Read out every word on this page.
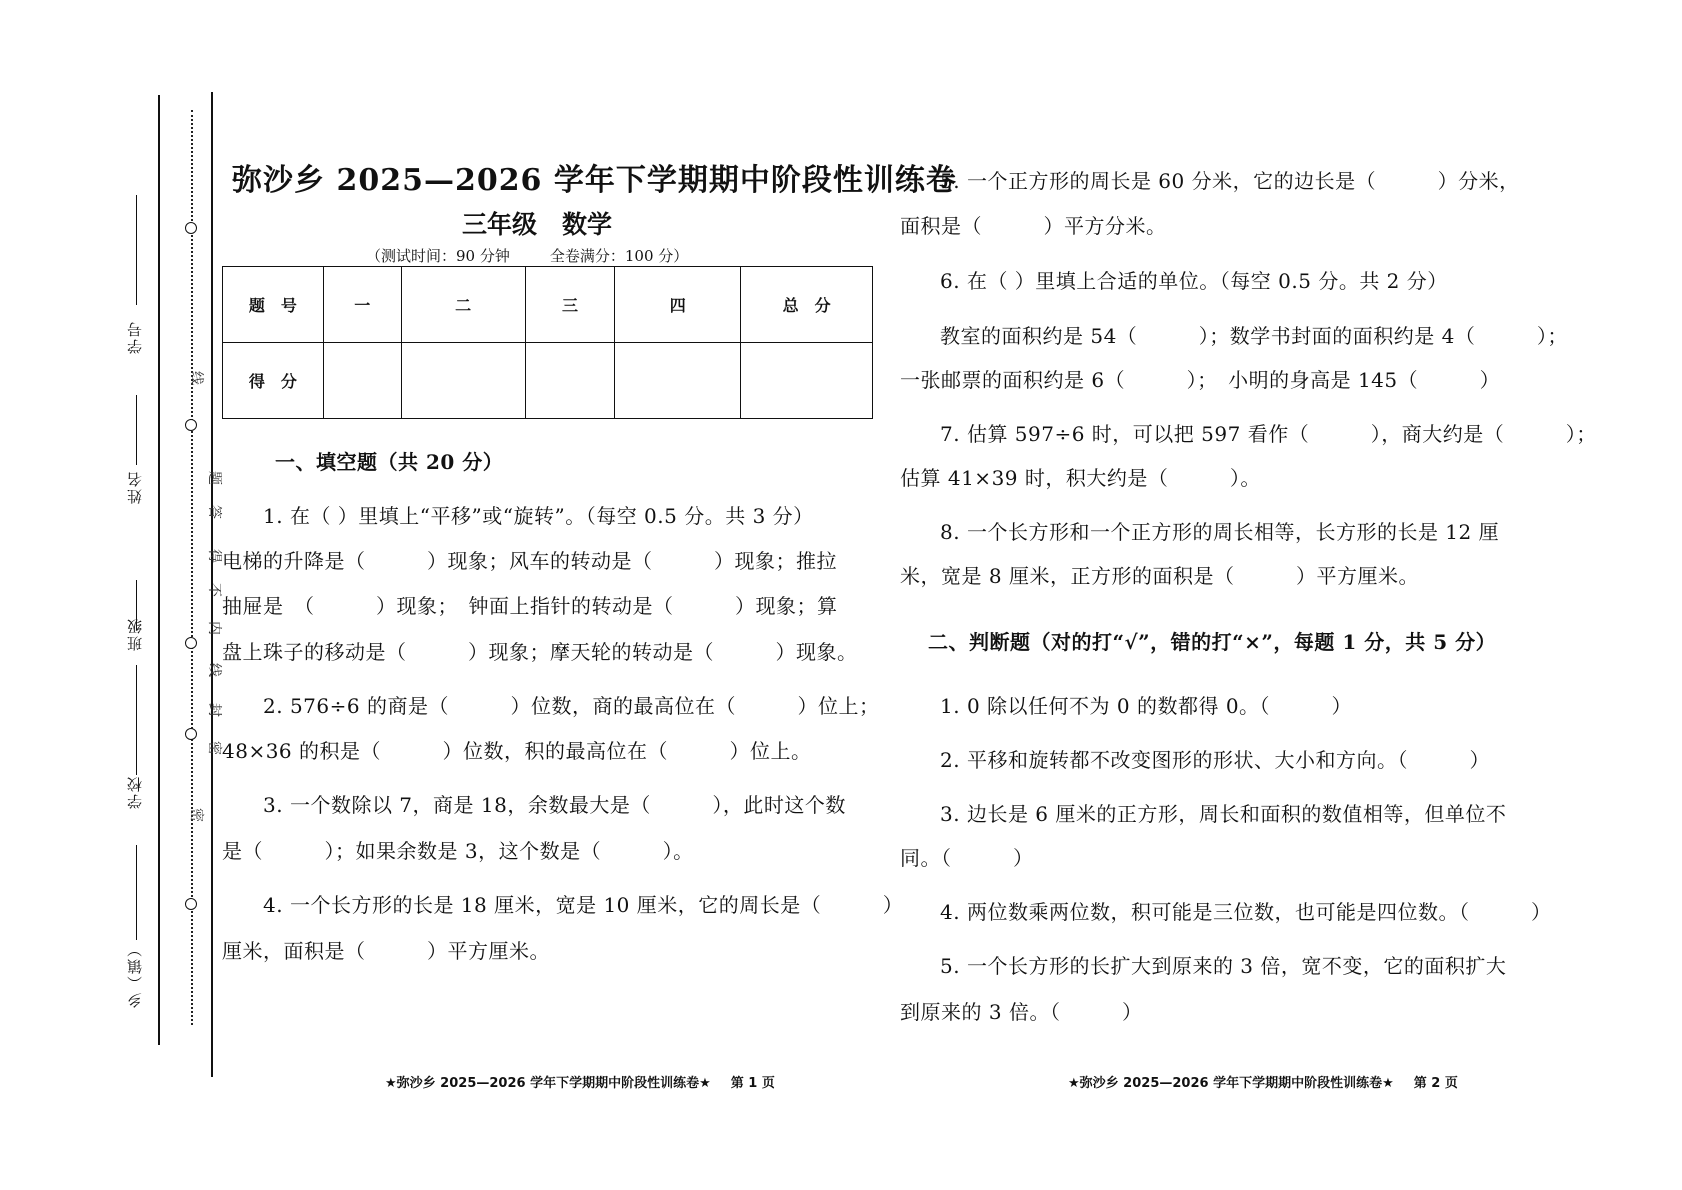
学号
姓名
班级
学校
乡（镇）
线
题
答
得
不
内
线
封
密
密
弥沙乡 2025—2026 学年下学期期中阶段性训练卷
三年级　数学
（测试时间：90 分钟	全卷满分：100 分）
题　号	一	二	三	四	总　分
得　分					
一、填空题（共 20 分）
1. 在（ ）里填上“平移”或“旋转”。（每空 0.5 分。共 3 分）
电梯的升降是（　　　）现象；风车的转动是（　　　）现象；推拉
抽屉是　（　　　）现象；　钟面上指针的转动是（　　　）现象；算
盘上珠子的移动是（　　　）现象；摩天轮的转动是（　　　）现象。
2. 576÷6 的商是（　　　）位数，商的最高位在（　　　）位上；
48×36 的积是（　　　）位数，积的最高位在（　　　）位上。
3. 一个数除以 7，商是 18，余数最大是（　　　），此时这个数
是（　　　）；如果余数是 3，这个数是（　　　）。
4. 一个长方形的长是 18 厘米，宽是 10 厘米，它的周长是（　　　）
厘米，面积是（　　　）平方厘米。
★弥沙乡 2025—2026 学年下学期期中阶段性训练卷★ 第 1 页
5. 一个正方形的周长是 60 分米，它的边长是（　　　）分米，
面积是（　　　）平方分米。
6. 在（ ）里填上合适的单位。（每空 0.5 分。共 2 分）
教室的面积约是 54（　　　）；数学书封面的面积约是 4（　　　）；
一张邮票的面积约是 6（　　　）；　小明的身高是 145（　　　）
7. 估算 597÷6 时，可以把 597 看作（　　　），商大约是（　　　）；
估算 41×39 时，积大约是（　　　）。
8. 一个长方形和一个正方形的周长相等，长方形的长是 12 厘
米，宽是 8 厘米，正方形的面积是（　　　）平方厘米。
二、判断题（对的打“√”，错的打“×”，每题 1 分，共 5 分）
1. 0 除以任何不为 0 的数都得 0。（　　　）
2. 平移和旋转都不改变图形的形状、大小和方向。（　　　）
3. 边长是 6 厘米的正方形，周长和面积的数值相等，但单位不
同。（　　　）
4. 两位数乘两位数，积可能是三位数，也可能是四位数。（　　　）
5. 一个长方形的长扩大到原来的 3 倍，宽不变，它的面积扩大
到原来的 3 倍。（　　　）
★弥沙乡 2025—2026 学年下学期期中阶段性训练卷★ 第 2 页
